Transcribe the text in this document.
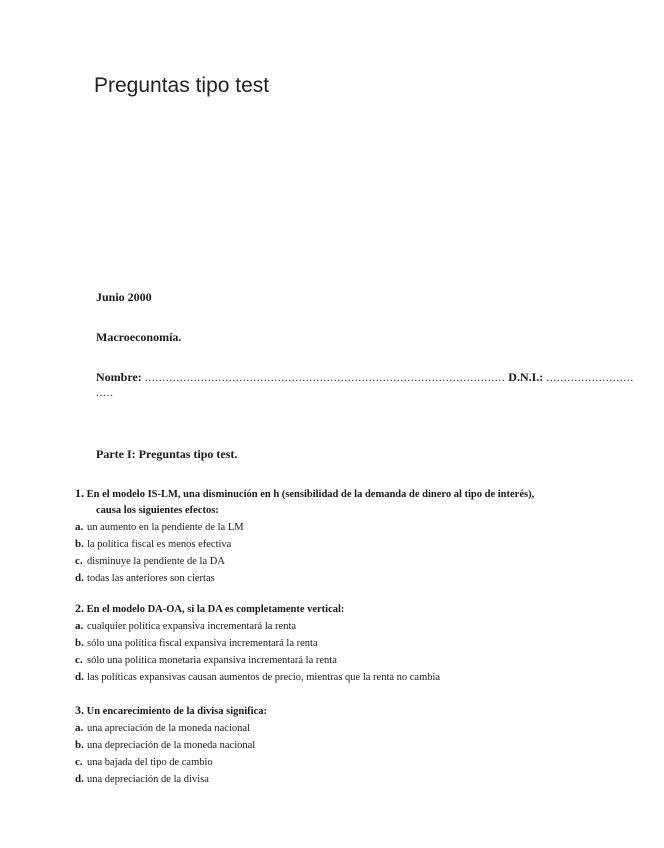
Preguntas tipo test

Junio 2000

Macroeconomía.

Nombre: ....................................................................................................... D.N.I.: .........................

.....

Parte I: Preguntas tipo test.

1. En el modelo IS-LM, una disminución en h (sensibilidad de la demanda de dinero al tipo de interés),
causa los siguientes efectos:
a. un aumento en la pendiente de la LM
b. la política fiscal es menos efectiva
c. disminuye la pendiente de la DA
d. todas las anteriores son ciertas
2. En el modelo DA-OA, si la DA es completamente vertical:
a. cualquier política expansiva incrementará la renta
b. sólo una política fiscal expansiva incrementará la renta
c. sólo una política monetaria expansiva incrementará la renta
d. las políticas expansivas causan aumentos de precio, mientras que la renta no cambia
3. Un encarecimiento de la divisa significa:
a. una apreciación de la moneda nacional
b. una depreciación de la moneda nacional
c. una bajada del tipo de cambio
d. una depreciación de la divisa
